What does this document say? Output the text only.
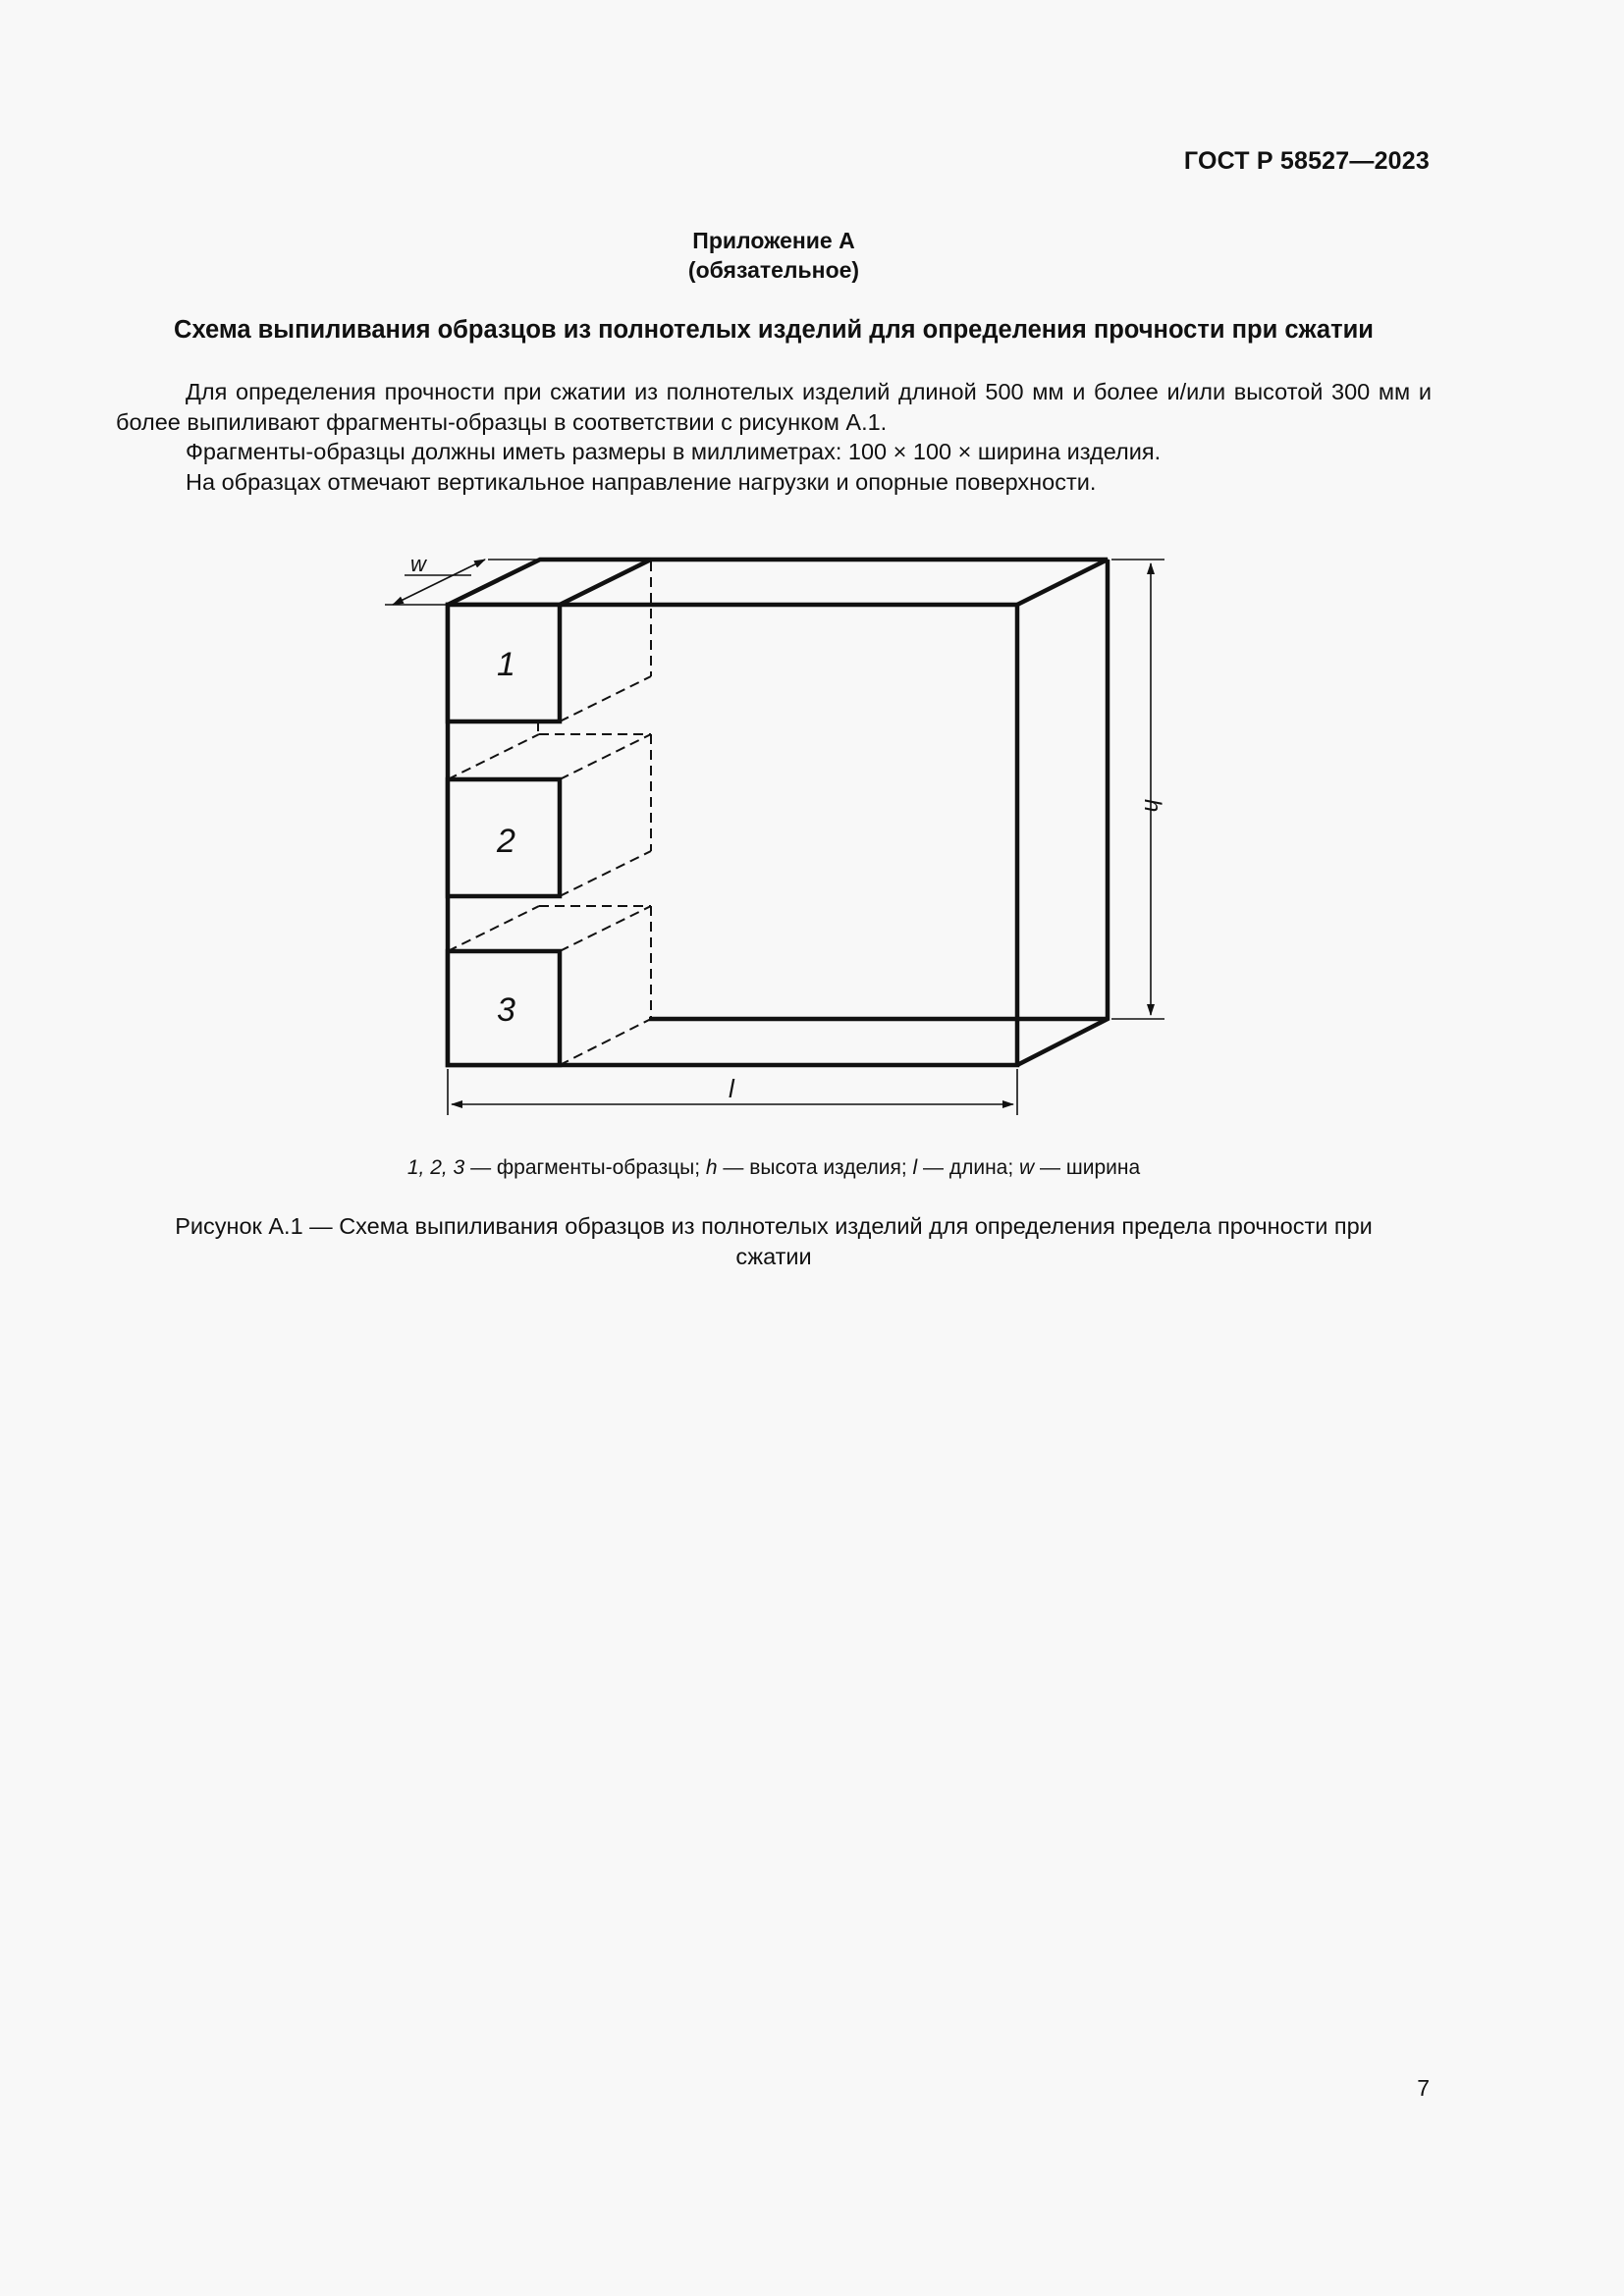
ГОСТ Р 58527—2023
Приложение А
(обязательное)
Схема выпиливания образцов из полнотелых изделий для определения прочности при сжатии

Для определения прочности при сжатии из полнотелых изделий длиной 500 мм и более и/или высотой 300 мм и более выпиливают фрагменты-образцы в соответствии с рисунком А.1.

Фрагменты-образцы должны иметь размеры в миллиметрах: 100 × 100 × ширина изделия.

На образцах отмечают вертикальное направление нагрузки и опорные поверхности.

1
2
3
w
h
l
1, 2, 3 — фрагменты-образцы; h — высота изделия; l — длина; w — ширина
Рисунок А.1 — Схема выпиливания образцов из полнотелых изделий для определения предела прочности при сжатии
7
